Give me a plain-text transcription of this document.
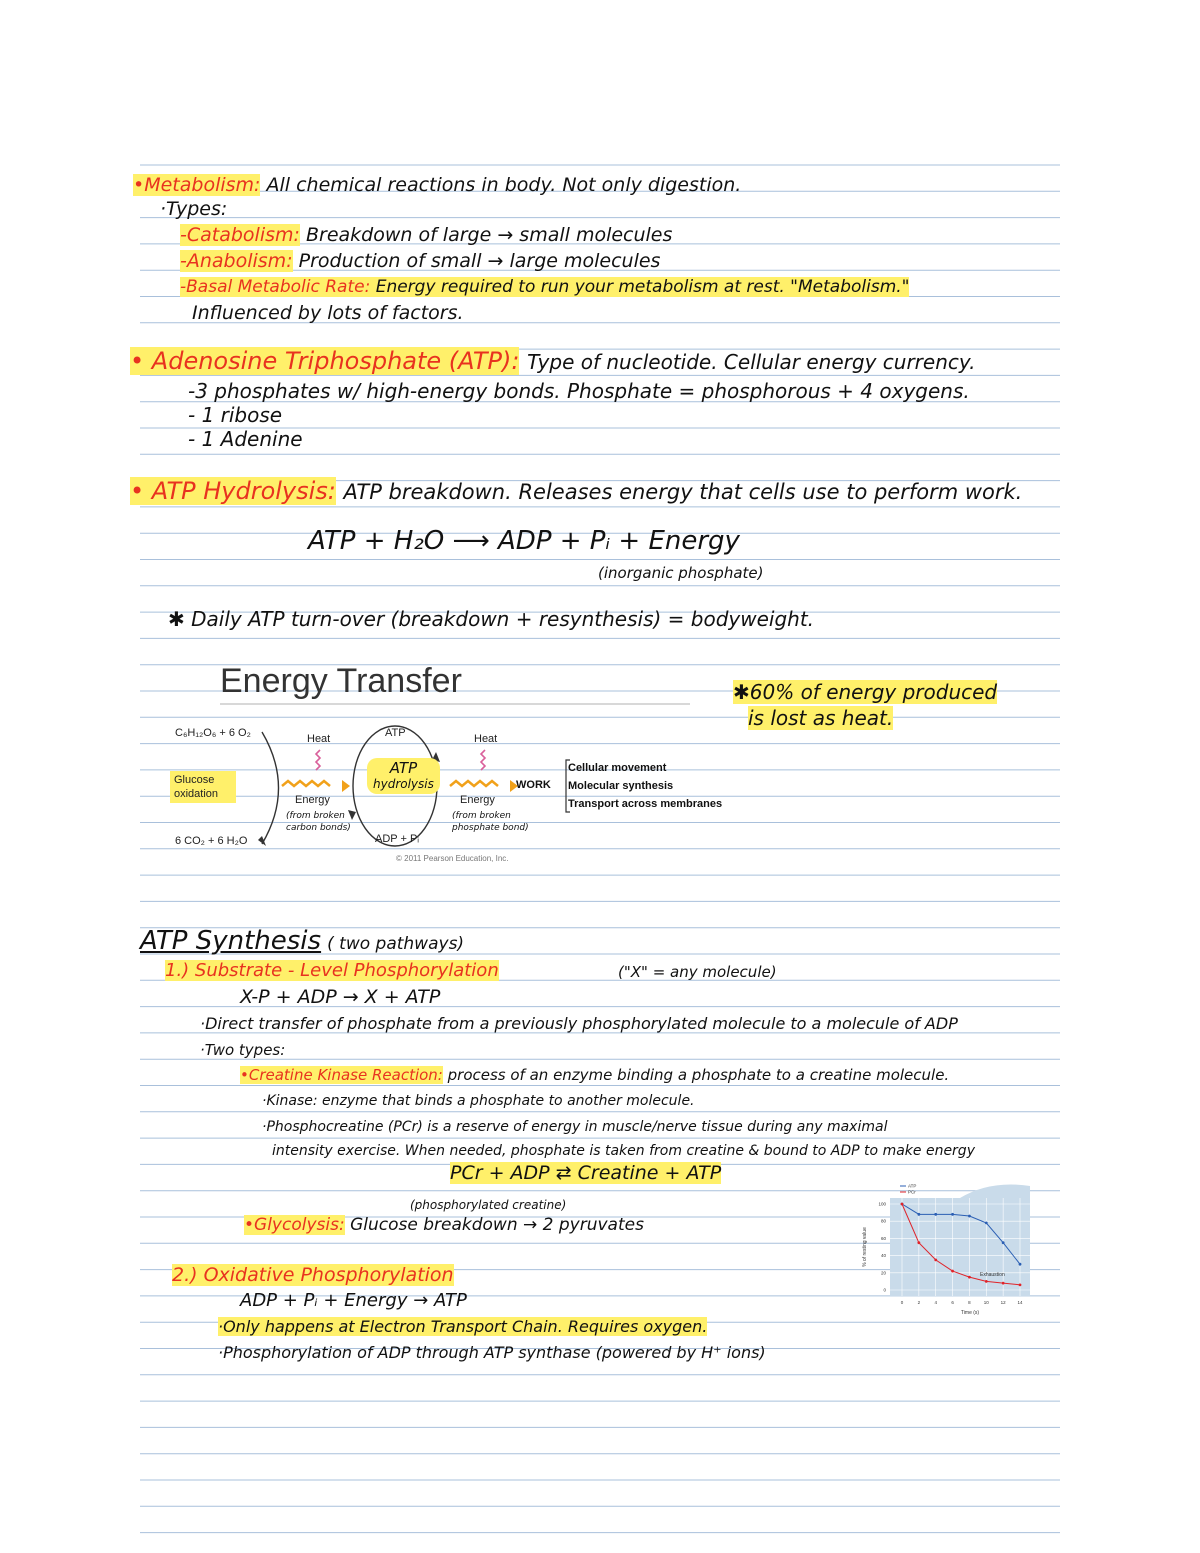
•Metabolism: All chemical reactions in body. Not only digestion.
·Types:
-Catabolism: Breakdown of large → small molecules
-Anabolism: Production of small → large molecules
-Basal Metabolic Rate: Energy required to run your metabolism at rest. "Metabolism."
Influenced by lots of factors.
• Adenosine Triphosphate (ATP): Type of nucleotide. Cellular energy currency.
-3 phosphates w/ high-energy bonds. Phosphate = phosphorous + 4 oxygens.
- 1 ribose
- 1 Adenine
• ATP Hydrolysis: ATP breakdown. Releases energy that cells use to perform work.
ATP + H₂O ⟶ ADP + Pᵢ + Energy
(inorganic phosphate)
✱ Daily ATP turn-over (breakdown + resynthesis) = bodyweight.
Energy Transfer
C₆H₁₂O₆ + 6 O₂
6 CO₂ + 6 H₂O
Glucose
oxidation
Heat	Heat
ATP
ADP + Pᵢ
ATP
hydrolysis
Energy	Energy
(from broken
carbon bonds)
(from broken
phosphate bond)
WORK
Cellular movement
Molecular synthesis
Transport across membranes
© 2011 Pearson Education, Inc.
✱60% of energy produced
is lost as heat.
ATP Synthesis ( two pathways)
1.) Substrate - Level Phosphorylation	("X" = any molecule)
X-P + ADP → X + ATP
·Direct transfer of phosphate from a previously phosphorylated molecule to a molecule of ADP
·Two types:
•Creatine Kinase Reaction: process of an enzyme binding a phosphate to a creatine molecule.
·Kinase: enzyme that binds a phosphate to another molecule.
·Phosphocreatine (PCr) is a reserve of energy in muscle/nerve tissue during any maximal
intensity exercise. When needed, phosphate is taken from creatine & bound to ADP to make energy
PCr + ADP ⇄ Creatine + ATP
(phosphorylated creatine)
•Glycolysis: Glucose breakdown → 2 pyruvates
2.) Oxidative Phosphorylation
ADP + Pᵢ + Energy → ATP
·Only happens at Electron Transport Chain. Requires oxygen.
·Phosphorylation of ADP through ATP synthase (powered by H⁺ ions)
0
20
40
60
80
100
0	2	4	6	8	10	12	14
ATP
PCr
Time (s)
% of resting value
Exhaustion
